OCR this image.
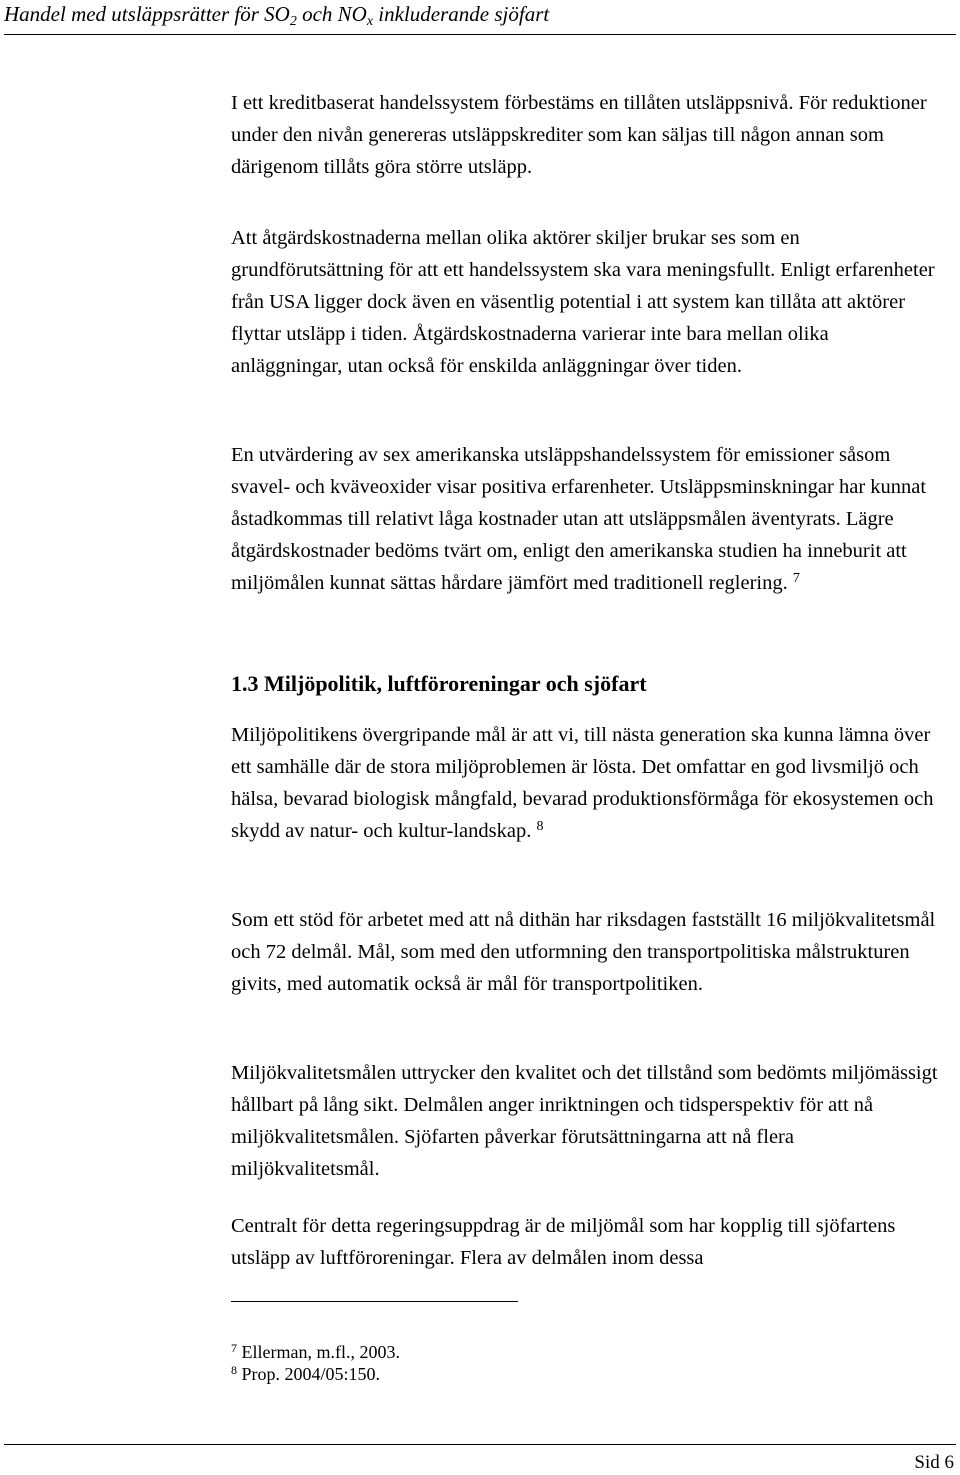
Handel med utsläppsrätter för $SO_2$ och $NO_x$ inkluderande sjöfart

I ett kreditbaserat handelssystem förbestäms en tillåten utsläppsnivå. För reduktioner under den nivån genereras utsläppskrediter som kan säljas till någon annan som därigenom tillåts göra större utsläpp.

Att åtgärdskostnaderna mellan olika aktörer skiljer brukar ses som en grundförutsättning för att ett handelssystem ska vara meningsfullt. Enligt erfarenheter från USA ligger dock även en väsentlig potential i att system kan tillåta att aktörer flyttar utsläpp i tiden. Åtgärdskostnaderna varierar inte bara mellan olika anläggningar, utan också för enskilda anläggningar över tiden.

En utvärdering av sex amerikanska utsläppshandelssystem för emissioner såsom svavel- och kväveoxider visar positiva erfarenheter. Utsläppsminskningar har kunnat åstadkommas till relativt låga kostnader utan att utsläppsmålen äventyrats. Lägre åtgärdskostnader bedöms tvärt om, enligt den amerikanska studien ha inneburit att miljömålen kunnat sättas hårdare jämfört med traditionell reglering. $^7$

1.3 Miljöpolitik, luftföroreningar och sjöfart

Miljöpolitikens övergripande mål är att vi, till nästa generation ska kunna lämna över ett samhälle där de stora miljöproblemen är lösta. Det omfattar en god livsmiljö och hälsa, bevarad biologisk mångfald, bevarad produktionsförmåga för ekosystemen och skydd av natur- och kultur-landskap. $^8$

Som ett stöd för arbetet med att nå dithän har riksdagen fastställt 16 miljökvalitetsmål och 72 delmål. Mål, som med den utformning den transportpolitiska målstrukturen givits, med automatik också är mål för transportpolitiken.

Miljökvalitetsmålen uttrycker den kvalitet och det tillstånd som bedömts miljömässigt hållbart på lång sikt. Delmålen anger inriktningen och tidsperspektiv för att nå miljökvalitetsmålen. Sjöfarten påverkar förutsättningarna att nå flera miljökvalitetsmål.

Centralt för detta regeringsuppdrag är de miljömål som har kopplig till sjöfartens utsläpp av luftföroreningar. Flera av delmålen inom dessa

$^7$ Ellerman, m.fl., 2003.
$^8$ Prop. 2004/05:150.
Sid 6
